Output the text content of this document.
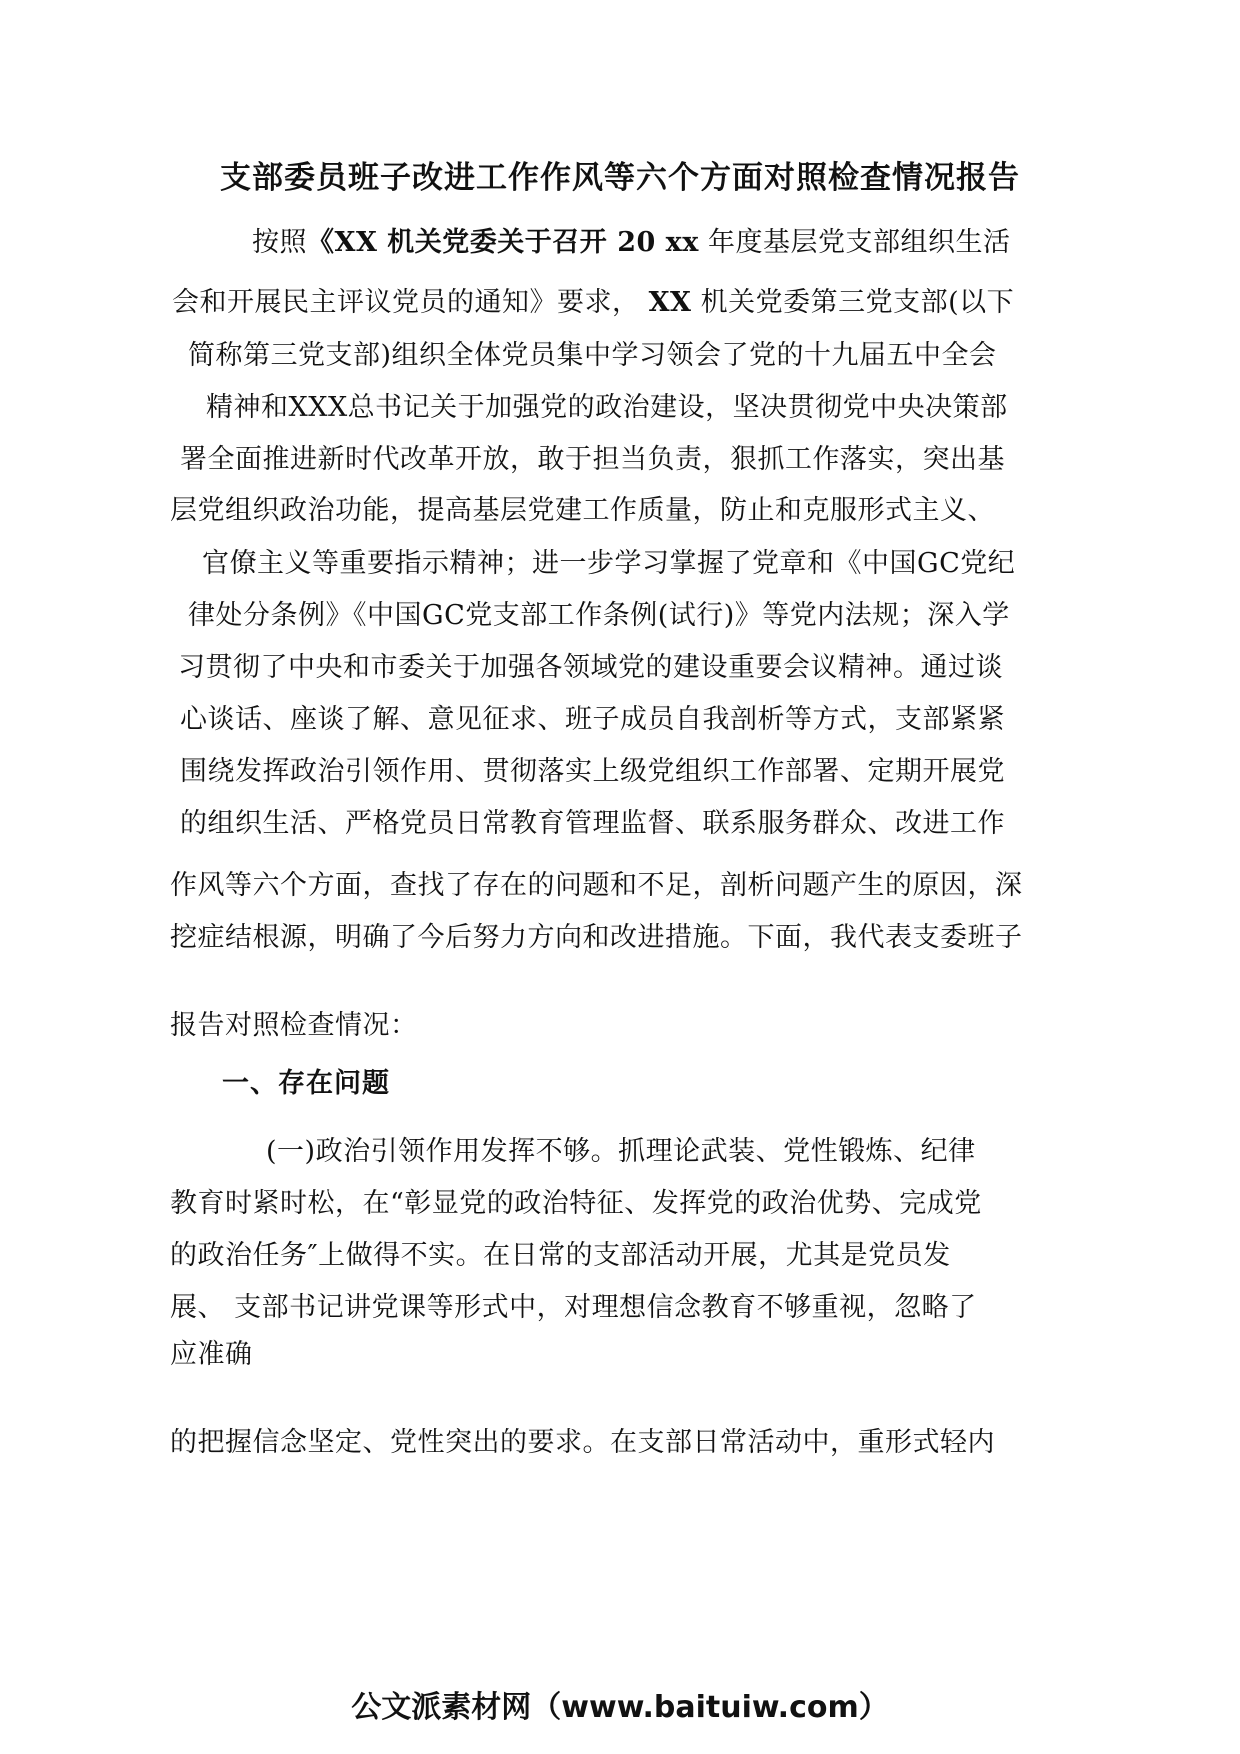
支部委员班子改进工作作风等六个方面对照检查情况报告
按照《XX 机关党委关于召开 20 xx 年度基层党支部组织生活
会和开展民主评议党员的通知》要求， XX 机关党委第三党支部(以下
简称第三党支部)组织全体党员集中学习领会了党的十九届五中全会
精神和XXX总书记关于加强党的政治建设，坚决贯彻党中央决策部
署全面推进新时代改革开放，敢于担当负责，狠抓工作落实，突出基
层党组织政治功能，提高基层党建工作质量，防止和克服形式主义、
官僚主义等重要指示精神；进一步学习掌握了党章和《中国GC党纪
律处分条例》《中国GC党支部工作条例(试行)》等党内法规；深入学
习贯彻了中央和市委关于加强各领域党的建设重要会议精神。通过谈
心谈话、座谈了解、意见征求、班子成员自我剖析等方式，支部紧紧
围绕发挥政治引领作用、贯彻落实上级党组织工作部署、定期开展党
的组织生活、严格党员日常教育管理监督、联系服务群众、改进工作
作风等六个方面，查找了存在的问题和不足，剖析问题产生的原因，深
挖症结根源，明确了今后努力方向和改进措施。下面，我代表支委班子
报告对照检查情况：
一、存在问题
(一)政治引领作用发挥不够。抓理论武装、党性锻炼、纪律
教育时紧时松，在“彰显党的政治特征、发挥党的政治优势、完成党
的政治任务″上做得不实。在日常的支部活动开展，尤其是党员发
展、 支部书记讲党课等形式中，对理想信念教育不够重视，忽略了
应准确
的把握信念坚定、党性突出的要求。在支部日常活动中，重形式轻内
公文派素材网（www.baituiw.com）
